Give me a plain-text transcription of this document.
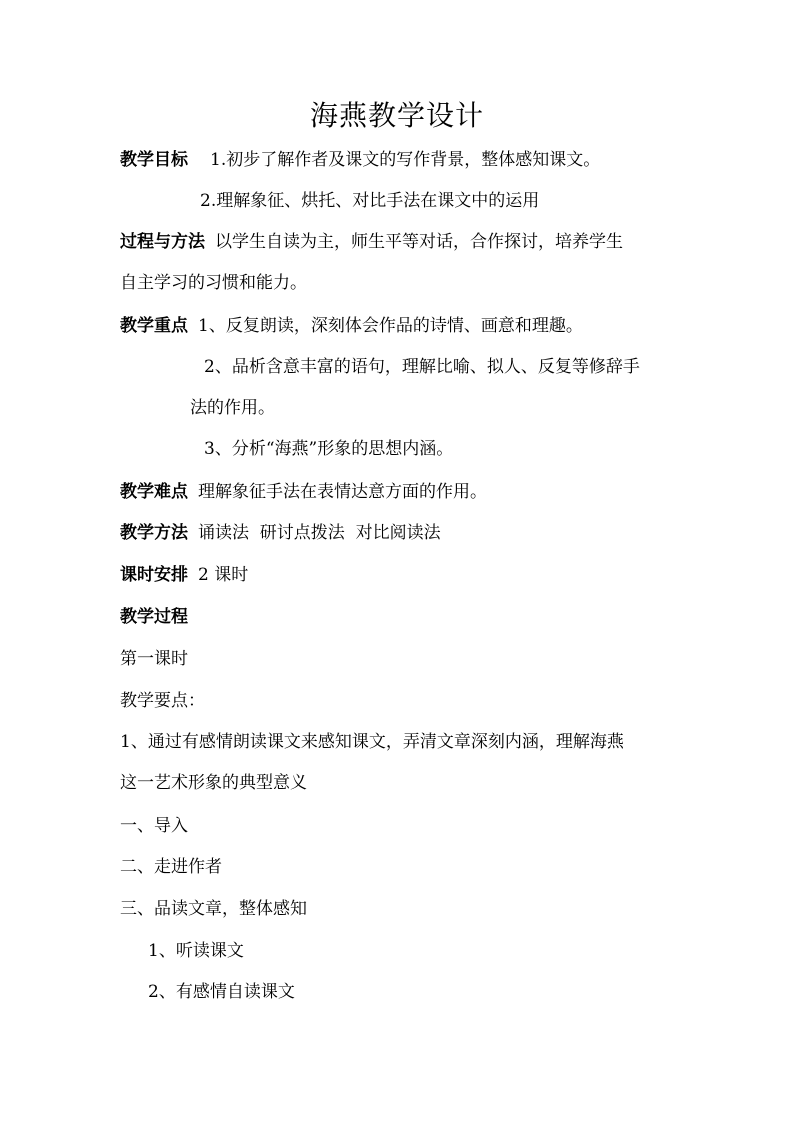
海燕教学设计
教学目标 1.初步了解作者及课文的写作背景，整体感知课文。
2.理解象征、烘托、对比手法在课文中的运用
过程与方法 以学生自读为主，师生平等对话，合作探讨，培养学生
自主学习的习惯和能力。
教学重点 1、反复朗读，深刻体会作品的诗情、画意和理趣。
2、品析含意丰富的语句，理解比喻、拟人、反复等修辞手
法的作用。
3、分析“海燕”形象的思想内涵。
教学难点 理解象征手法在表情达意方面的作用。
教学方法 诵读法  研讨点拨法  对比阅读法
课时安排 2 课时
教学过程
第一课时
教学要点：
1、通过有感情朗读课文来感知课文，弄清文章深刻内涵，理解海燕
这一艺术形象的典型意义
一、导入
二、走进作者
三、品读文章，整体感知
1、听读课文
2、有感情自读课文
